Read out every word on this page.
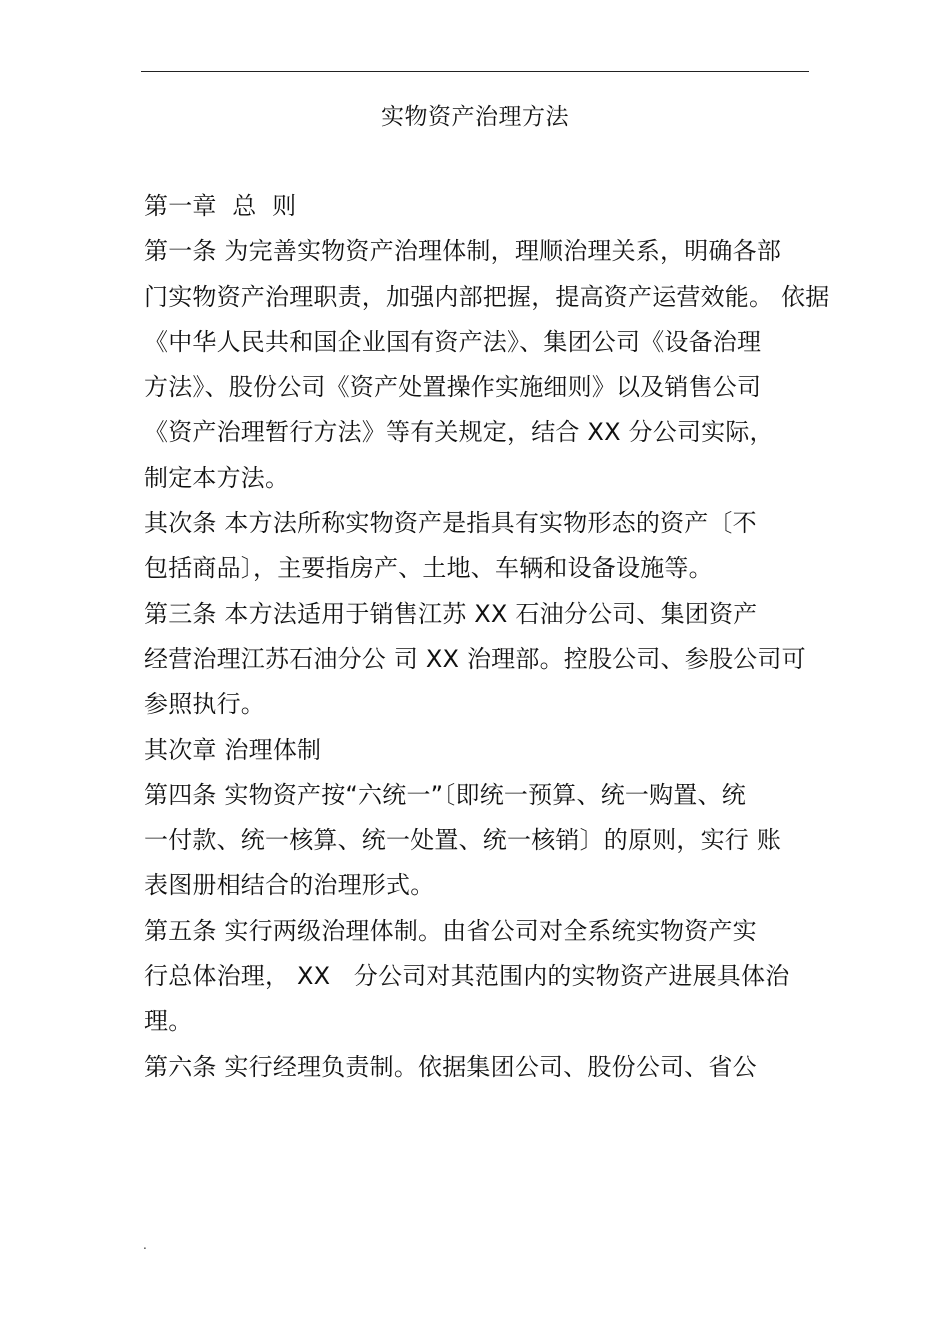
实物资产治理方法
第一章  总  则
第一条 为完善实物资产治理体制，理顺治理关系，明确各部
门实物资产治理职责，加强内部把握，提高资产运营效能。 依据
《中华人民共和国企业国有资产法》、集团公司《设备治理
方法》、股份公司《资产处置操作实施细则》以及销售公司
《资产治理暂行方法》等有关规定，结合 XX 分公司实际，
制定本方法。
其次条 本方法所称实物资产是指具有实物形态的资产〔不
包括商品〕，主要指房产、土地、车辆和设备设施等。
第三条 本方法适用于销售江苏 XX 石油分公司、集团资产
经营治理江苏石油分公 司 XX 治理部。控股公司、参股公司可
参照执行。
其次章 治理体制
第四条 实物资产按“六统一”〔即统一预算、统一购置、统
一付款、统一核算、统一处置、统一核销〕的原则，实行 账
表图册相结合的治理形式。
第五条 实行两级治理体制。由省公司对全系统实物资产实
行总体治理， XX   分公司对其范围内的实物资产进展具体治
理。
第六条 实行经理负责制。依据集团公司、股份公司、省公
.
